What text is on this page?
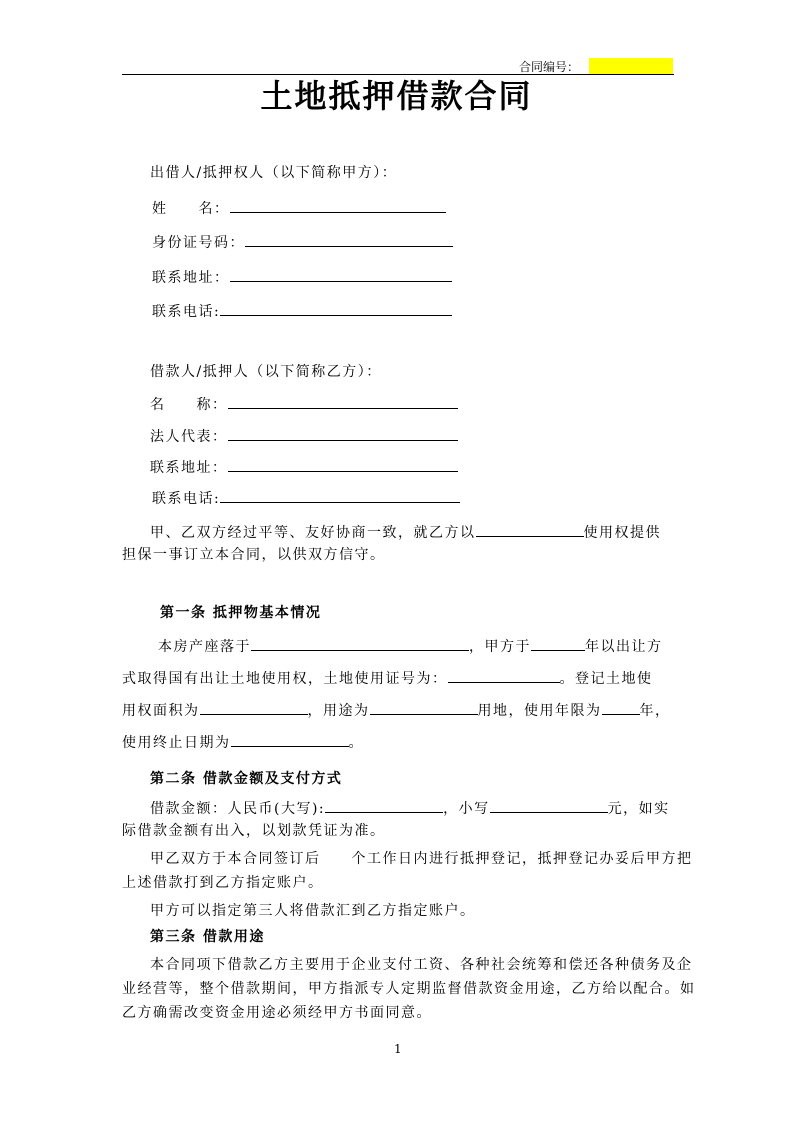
合同编号：
土地抵押借款合同
出借人/抵押权人（以下简称甲方）：
姓　　名：
身份证号码：
联系地址：
联系电话:
借款人/抵押人（以下简称乙方）：
名　　称：
法人代表：
联系地址：
联系电话:
甲、乙双方经过平等、友好协商一致，就乙方以	使用权提供
担保一事订立本合同，以供双方信守。
第一条 抵押物基本情况
本房产座落于	，甲方于	年以出让方
式取得国有出让土地使用权，土地使用证号为：	。登记土地使
用权面积为	，用途为	用地，使用年限为	年，
使用终止日期为	。
第二条 借款金额及支付方式
借款金额：人民币(大写):	，小写	元，如实
际借款金额有出入，以划款凭证为准。
甲乙双方于本合同签订后　　个工作日内进行抵押登记，抵押登记办妥后甲方把
上述借款打到乙方指定账户。
甲方可以指定第三人将借款汇到乙方指定账户。
第三条 借款用途
本合同项下借款乙方主要用于企业支付工资、各种社会统筹和偿还各种债务及企
业经营等，整个借款期间，甲方指派专人定期监督借款资金用途，乙方给以配合。如
乙方确需改变资金用途必须经甲方书面同意。
1
